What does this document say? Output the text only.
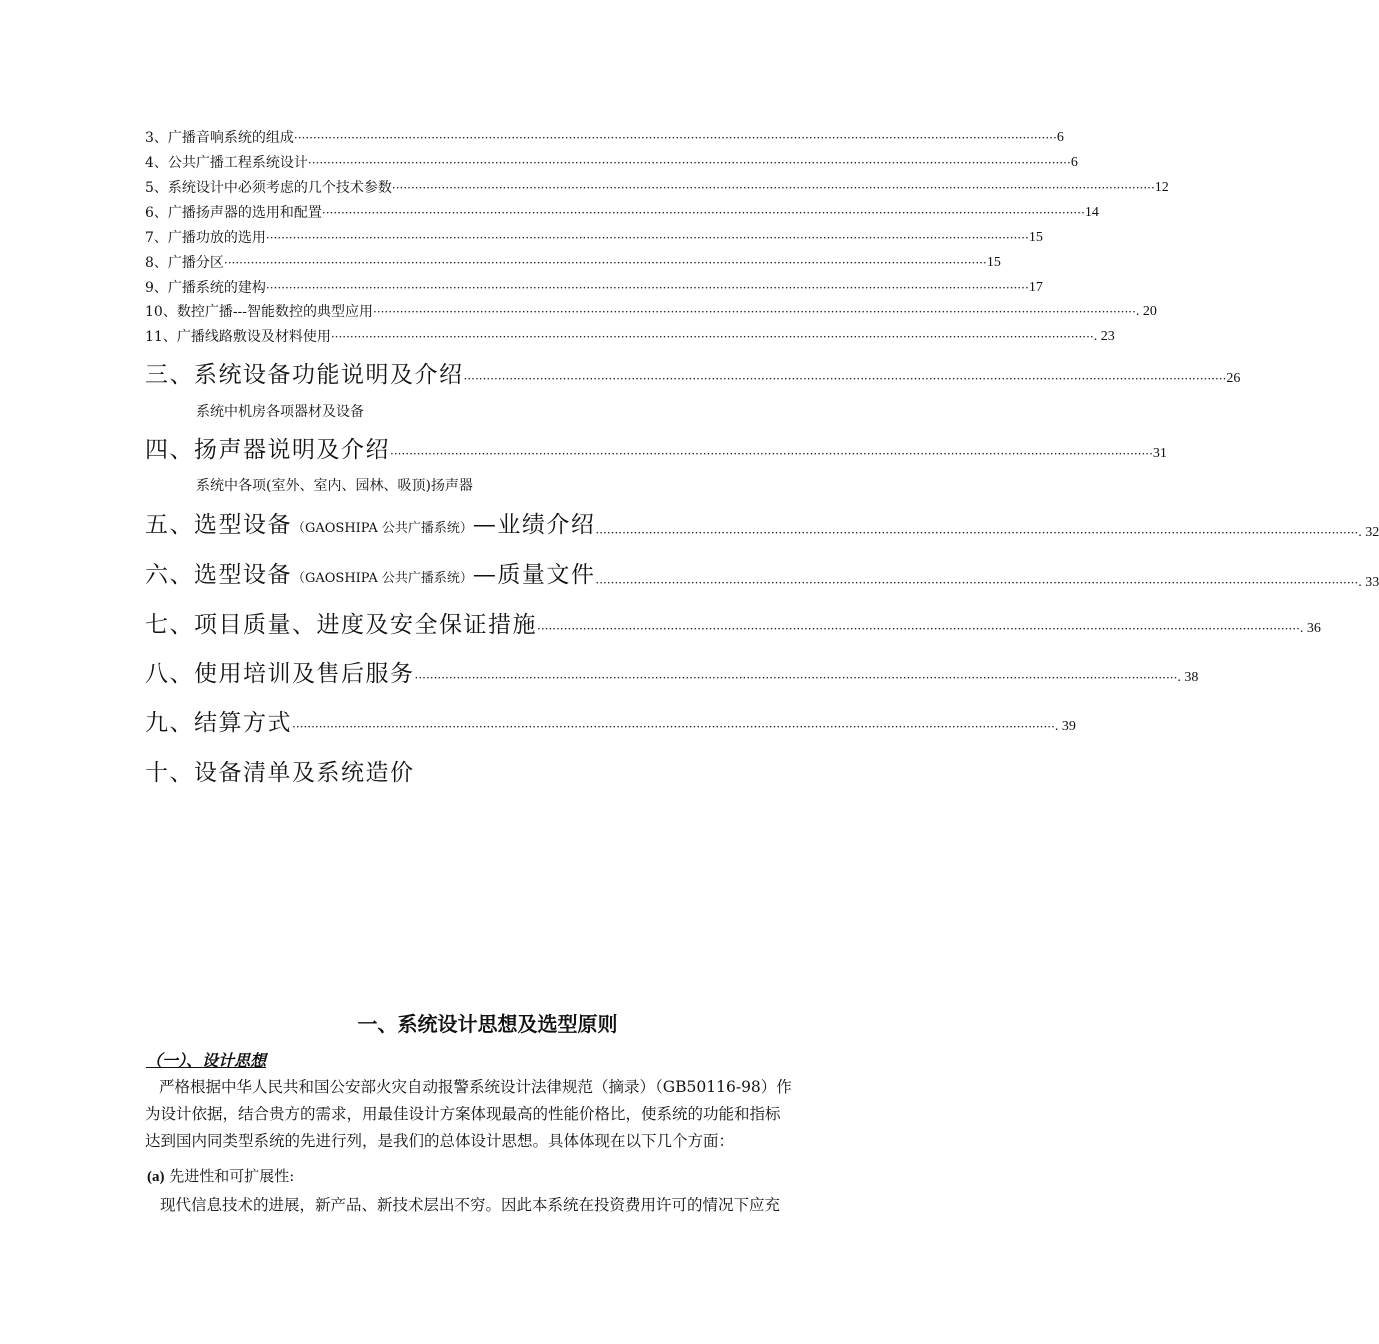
3、广播音响系统的组成 ········································································································································································································ 6
4、公共广播工程系统设计 ········································································································································································································ 6
5、系统设计中必须考虑的几个技术参数 ········································································································································································································ 12
6、广播扬声器的选用和配置 ········································································································································································································ 14
7、广播功放的选用 ········································································································································································································ 15
8、广播分区 ········································································································································································································ 15
9、广播系统的建构 ········································································································································································································ 17
10、数控广播---智能数控的典型应用 ········································································································································································································ . 20
11、广播线路敷设及材料使用 ········································································································································································································ . 23
三、系统设备功能说明及介绍 ········································································································································································································ 26
系统中机房各项器材及设备
四、扬声器说明及介绍 ········································································································································································································ 31
系统中各项(室外、室内、园林、吸顶)扬声器
五、选型设备（GAOSHIPA 公共广播系统）—业绩介绍 ········································································································································································································ . 32
六、选型设备（GAOSHIPA 公共广播系统）—质量文件 ········································································································································································································ . 33
七、项目质量、进度及安全保证措施 ········································································································································································································ . 36
八、使用培训及售后服务 ········································································································································································································ . 38
九、结算方式 ········································································································································································································ . 39
十、设备清单及系统造价
一、系统设计思想及选型原则
（一）、设计思想
严格根据中华人民共和国公安部火灾自动报警系统设计法律规范（摘录）（GB50116-98）作
为设计依据，结合贵方的需求，用最佳设计方案体现最高的性能价格比，使系统的功能和指标
达到国内同类型系统的先进行列，是我们的总体设计思想。具体体现在以下几个方面：
(a) 先进性和可扩展性:
现代信息技术的进展，新产品、新技术层出不穷。因此本系统在投资费用许可的情况下应充
